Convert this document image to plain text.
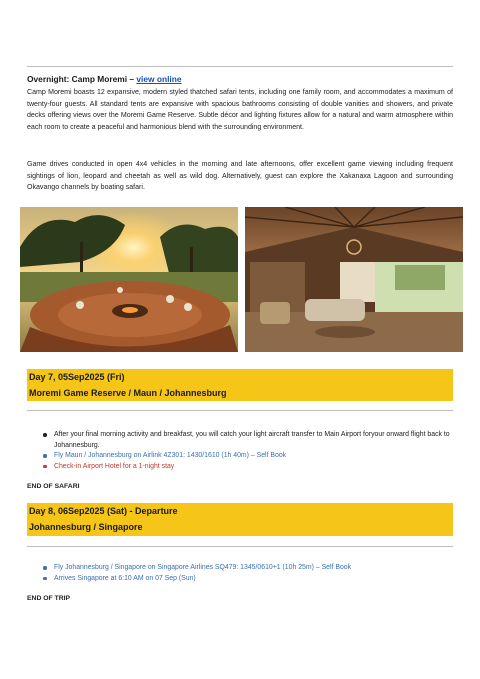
Overnight: Camp Moremi – view online
Camp Moremi boasts 12 expansive, modern styled thatched safari tents, including one family room, and accommodates a maximum of twenty-four guests. All standard tents are expansive with spacious bathrooms consisting of double vanities and showers, and private decks offering views over the Moremi Game Reserve. Subtle décor and lighting fixtures allow for a natural and warm atmosphere within each room to create a peaceful and harmonious blend with the surrounding environment.
Game drives conducted in open 4x4 vehicles in the morning and late afternoons, offer excellent game viewing including frequent sightings of lion, leopard and cheetah as well as wild dog. Alternatively, guest can explore the Xakanaxa Lagoon and surrounding Okavango channels by boating safari.
Day 7, 05Sep2025 (Fri)
Moremi Game Reserve / Maun / Johannesburg
After your final morning activity and breakfast, you will catch your light aircraft transfer to Main Airport foryour onward flight back to Johannesburg.
Fly Maun / Johannesburg on Airlink 4Z301: 1430/1610 (1h 40m) – Self Book
Check-in Airport Hotel for a 1-night stay
END OF SAFARI
Day 8, 06Sep2025 (Sat) - Departure
Johannesburg / Singapore
Fly Johannesburg / Singapore on Singapore Airlines SQ479: 1345/0610+1 (10h 25m) – Self Book
Arrives Singapore at 6:10 AM on 07 Sep (Sun)
END OF TRIP
